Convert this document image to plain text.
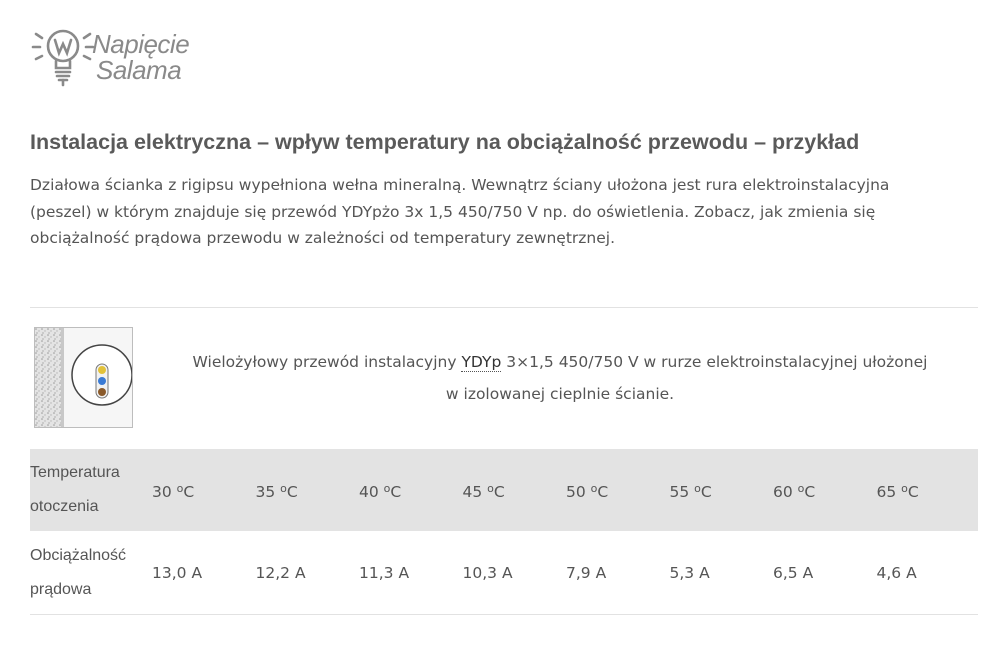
Napięcie
Salama
Instalacja elektryczna – wpływ temperatury na obciążalność przewodu – przykład

Działowa ścianka z rigipsu wypełniona wełna mineralną. Wewnątrz ściany ułożona jest rura elektroinstalacyjna (peszel) w którym znajduje się przewód YDYpżo 3x 1,5 450/750 V np. do oświetlenia. Zobacz, jak zmienia się obciążalność prądowa przewodu w zależności od temperatury zewnętrznej.

Wielożyłowy przewód instalacyjny YDYp 3×1,5 450/750 V w rurze elektroinstalacyjnej ułożonej
w izolowanej cieplnie ścianie.

Temperatura
otoczenia	30 $^o$C	35 $^o$C	40 $^o$C	45 $^o$C	50 $^o$C	55 $^o$C	60 $^o$C	65 $^o$C
Obciążalność
prądowa	13,0 A	12,2 A	11,3 A	10,3 A	7,9 A	5,3 A	6,5 A	4,6 A
